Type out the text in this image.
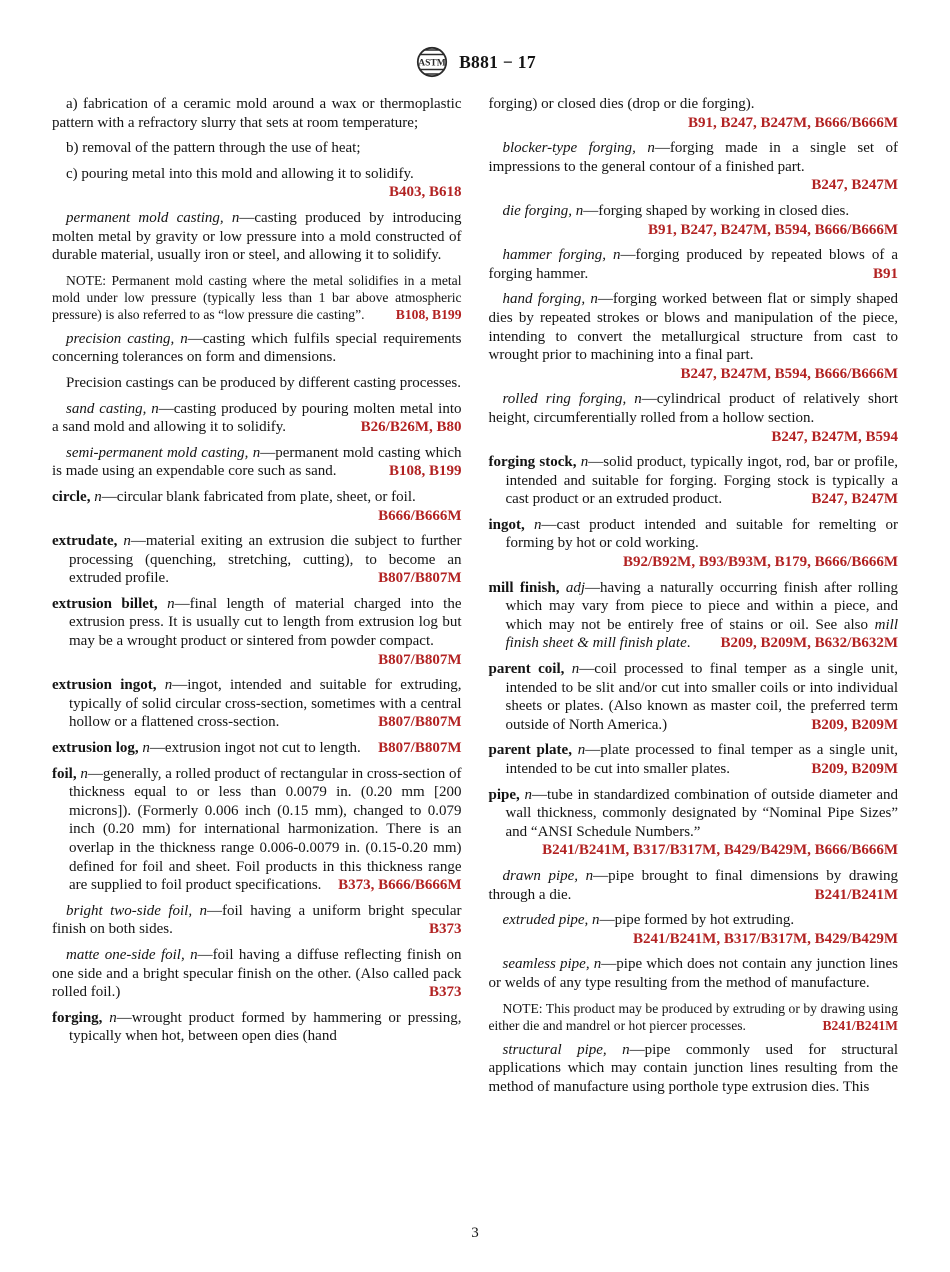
ASTM B881 − 17

a) fabrication of a ceramic mold around a wax or thermoplastic pattern with a refractory slurry that sets at room temperature;

b) removal of the pattern through the use of heat;

c) pouring metal into this mold and allowing it to solidify.
B403, B618

permanent mold casting, n—casting produced by introducing molten metal by gravity or low pressure into a mold constructed of durable material, usually iron or steel, and allowing it to solidify.

NOTE: Permanent mold casting where the metal solidifies in a metal mold under low pressure (typically less than 1 bar above atmospheric pressure) is also referred to as “low pressure die casting”. B108, B199

precision casting, n—casting which fulfils special requirements concerning tolerances on form and dimensions.

Precision castings can be produced by different casting processes.

sand casting, n—casting produced by pouring molten metal into a sand mold and allowing it to solidify.	B26/B26M, B80

semi-permanent mold casting, n—permanent mold casting which is made using an expendable core such as sand.	B108, B199

circle, n—circular blank fabricated from plate, sheet, or foil.
B666/B666M

extrudate, n—material exiting an extrusion die subject to further processing (quenching, stretching, cutting), to become an extruded profile.	B807/B807M

extrusion billet, n—final length of material charged into the extrusion press. It is usually cut to length from extrusion log but may be a wrought product or sintered from powder compact.
B807/B807M

extrusion ingot, n—ingot, intended and suitable for extruding, typically of solid circular cross-section, sometimes with a central hollow or a flattened cross-section.	B807/B807M

extrusion log, n—extrusion ingot not cut to length. B807/B807M

foil, n—generally, a rolled product of rectangular in cross-section of thickness equal to or less than 0.0079 in. (0.20 mm [200 microns]). (Formerly 0.006 inch (0.15 mm), changed to 0.079 inch (0.20 mm) for international harmonization. There is an overlap in the thickness range 0.006-0.0079 in. (0.15-0.20 mm) defined for foil and sheet. Foil products in this thickness range are supplied to foil product specifications. B373, B666/B666M

bright two-side foil, n—foil having a uniform bright specular finish on both sides.	B373

matte one-side foil, n—foil having a diffuse reflecting finish on one side and a bright specular finish on the other. (Also called pack rolled foil.)	B373

forging, n—wrought product formed by hammering or pressing, typically when hot, between open dies (hand

forging) or closed dies (drop or die forging).
B91, B247, B247M, B666/B666M

blocker-type forging, n—forging made in a single set of impressions to the general contour of a finished part.
B247, B247M

die forging, n—forging shaped by working in closed dies.
B91, B247, B247M, B594, B666/B666M

hammer forging, n—forging produced by repeated blows of a forging hammer.	B91

hand forging, n—forging worked between flat or simply shaped dies by repeated strokes or blows and manipulation of the piece, intending to convert the metallurgical structure from cast to wrought prior to machining into a final part.
B247, B247M, B594, B666/B666M

rolled ring forging, n—cylindrical product of relatively short height, circumferentially rolled from a hollow section.
B247, B247M, B594

forging stock, n—solid product, typically ingot, rod, bar or profile, intended and suitable for forging. Forging stock is typically a cast product or an extruded product.	B247, B247M

ingot, n—cast product intended and suitable for remelting or forming by hot or cold working.
B92/B92M, B93/B93M, B179, B666/B666M

mill finish, adj—having a naturally occurring finish after rolling which may vary from piece to piece and within a piece, and which may not be entirely free of stains or oil. See also mill finish sheet & mill finish plate. B209, B209M, B632/B632M

parent coil, n—coil processed to final temper as a single unit, intended to be slit and/or cut into smaller coils or into individual sheets or plates. (Also known as master coil, the preferred term outside of North America.)	B209, B209M

parent plate, n—plate processed to final temper as a single unit, intended to be cut into smaller plates.	B209, B209M

pipe, n—tube in standardized combination of outside diameter and wall thickness, commonly designated by “Nominal Pipe Sizes” and “ANSI Schedule Numbers.”
B241/B241M, B317/B317M, B429/B429M, B666/B666M

drawn pipe, n—pipe brought to final dimensions by drawing through a die.	B241/B241M

extruded pipe, n—pipe formed by hot extruding.
B241/B241M, B317/B317M, B429/B429M

seamless pipe, n—pipe which does not contain any junction lines or welds of any type resulting from the method of manufacture.

NOTE: This product may be produced by extruding or by drawing using either die and mandrel or hot piercer processes.	B241/B241M

structural pipe, n—pipe commonly used for structural applications which may contain junction lines resulting from the method of manufacture using porthole type extrusion dies. This

3
